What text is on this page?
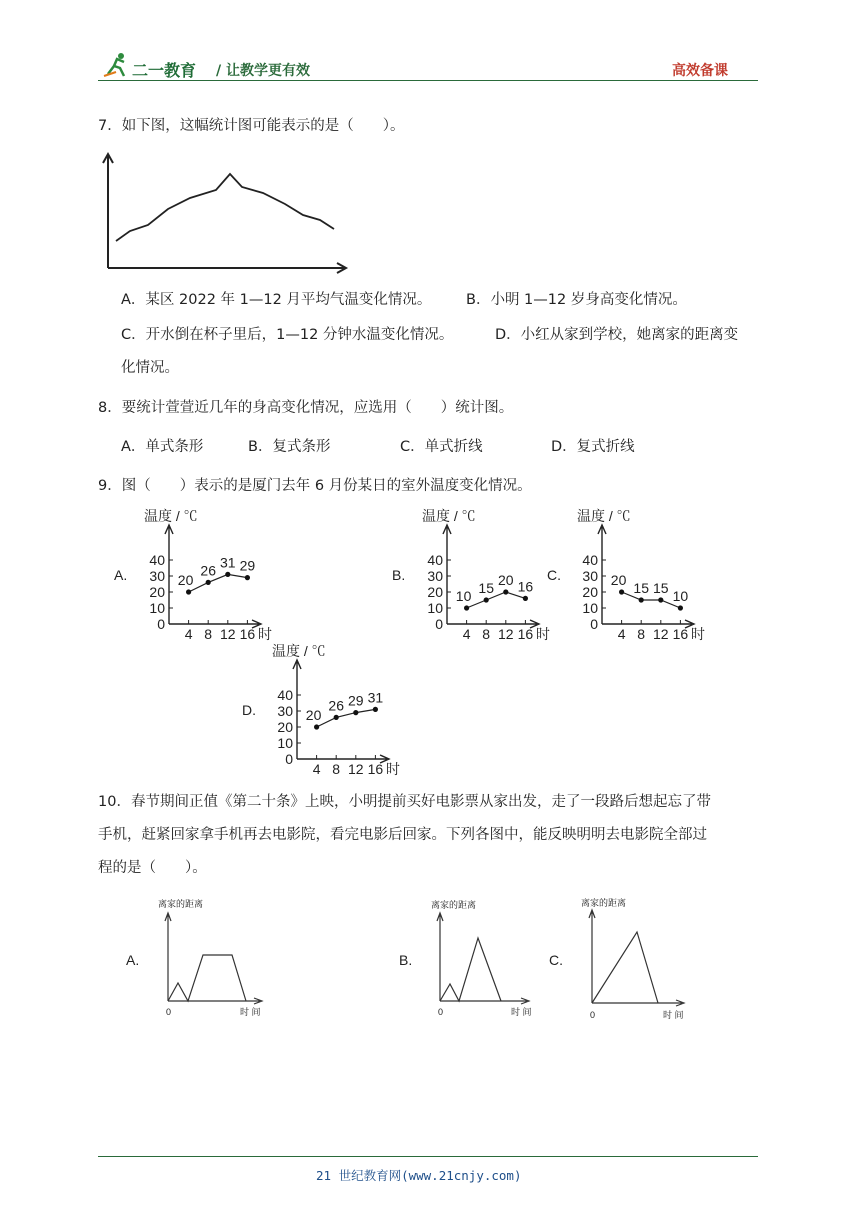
二一教育 / 让教学更有效	高效备课
7．如下图，这幅统计图可能表示的是（　　）。
A．某区 2022 年 1—12 月平均气温变化情况。 B．小明 1—12 岁身高变化情况。
C．开水倒在杯子里后，1—12 分钟水温变化情况。	D．小红从家到学校，她离家的距离变
化情况。
8．要统计萱萱近几年的身高变化情况，应选用（　　）统计图。
A．单式条形	B．复式条形	C．单式折线	D．复式折线
9．图（　　）表示的是厦门去年 6 月份某日的室外温度变化情况。
A.
温度 / ℃
0
10
20
30
40
4 8 12 16 时
20
26 31 29
B.
温度 / ℃
0
10
20
30
40
4 8 12 16 时
10 15 20 16
C.
温度 / ℃
0
10
20
30
40
4 8 12 16 时
20 15 15 10
D.
温度 / ℃
0
10
20
30
40
4 8 12 16 时
20
26 29 31
10．春节期间正值《第二十条》上映，小明提前买好电影票从家出发，走了一段路后想起忘了带
手机，赶紧回家拿手机再去电影院，看完电影后回家。下列各图中，能反映明明去电影院全部过
程的是（　　）。
A.
离家的距离
0	时 间
B.
离家的距离
0	时 间
C.
离家的距离
0	时 间
21 世纪教育网(www.21cnjy.com)
